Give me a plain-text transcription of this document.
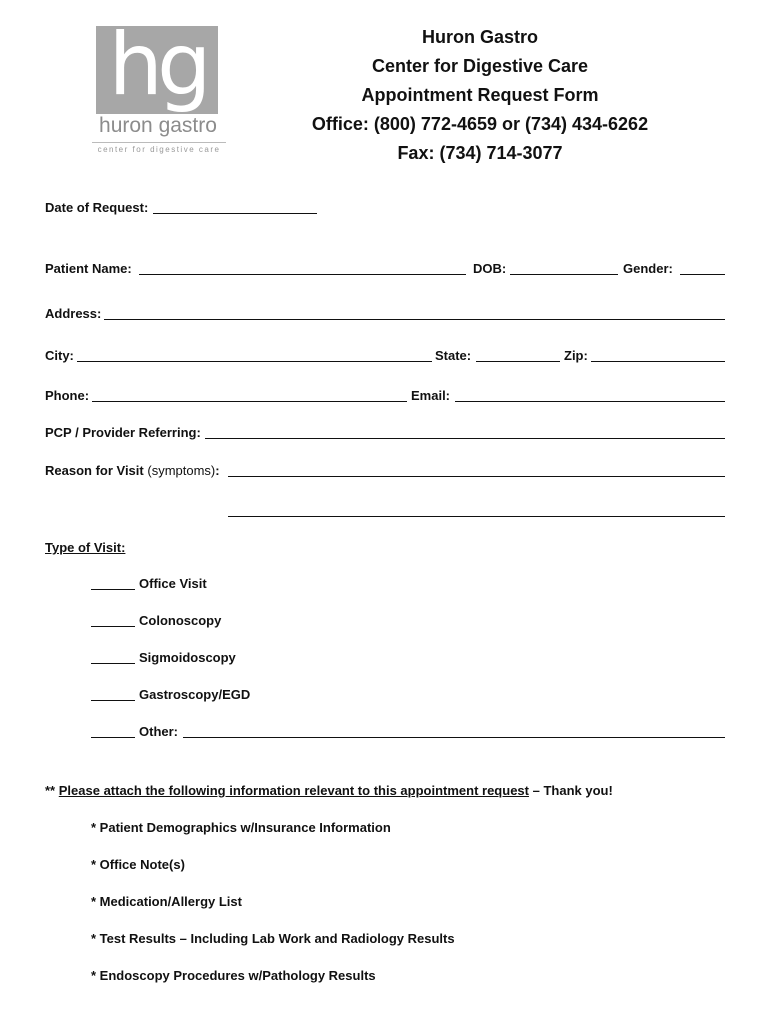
hg
huron gastro
center for digestive care
Huron Gastro
Center for Digestive Care
Appointment Request Form
Office: (800) 772-4659 or (734) 434-6262
Fax: (734) 714-3077
Date of Request:
Patient Name:	DOB:	Gender:
Address:
City:	State:	Zip:
Phone:	Email:
PCP / Provider Referring:
Reason for Visit (symptoms):
Type of Visit:
Office Visit
Colonoscopy
Sigmoidoscopy
Gastroscopy/EGD
Other:
** Please attach the following information relevant to this appointment request – Thank you!
* Patient Demographics w/Insurance Information
* Office Note(s)
* Medication/Allergy List
* Test Results – Including Lab Work and Radiology Results
* Endoscopy Procedures w/Pathology Results
